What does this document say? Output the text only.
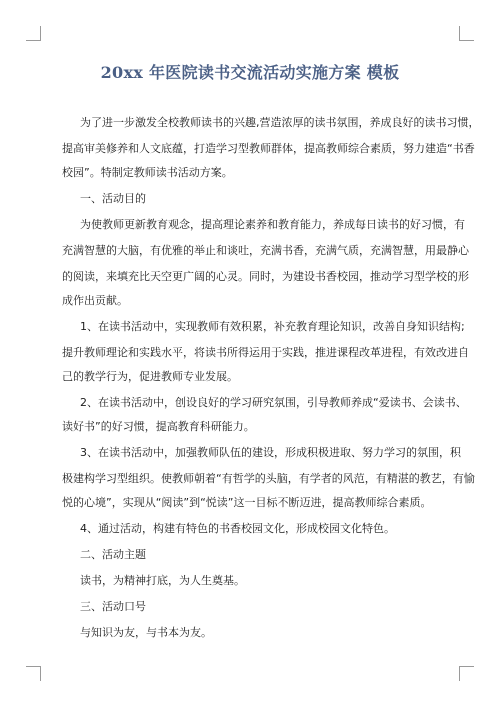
20xx 年医院读书交流活动实施方案 模板
为了进一步激发全校教师读书的兴趣,营造浓厚的读书氛围，养成良好的读书习惯，
提高审美修养和人文底蕴，打造学习型教师群体，提高教师综合素质，努力建造“书香
校园”。特制定教师读书活动方案。
一、活动目的
为使教师更新教育观念，提高理论素养和教育能力，养成每日读书的好习惯，有
充满智慧的大脑，有优雅的举止和谈吐，充满书香，充满气质，充满智慧，用最静心
的阅读，来填充比天空更广阔的心灵。同时，为建设书香校园，推动学习型学校的形
成作出贡献。
1、在读书活动中，实现教师有效积累，补充教育理论知识，改善自身知识结构;
提升教师理论和实践水平，将读书所得运用于实践，推进课程改革进程，有效改进自
己的教学行为，促进教师专业发展。
2、在读书活动中，创设良好的学习研究氛围，引导教师养成“爱读书、会读书、
读好书”的好习惯，提高教育科研能力。
3、在读书活动中，加强教师队伍的建设，形成积极进取、努力学习的氛围，积
极建构学习型组织。使教师朝着“有哲学的头脑，有学者的风范，有精湛的教艺，有愉
悦的心境”，实现从“阅读”到“悦读”这一目标不断迈进，提高教师综合素质。
4、通过活动，构建有特色的书香校园文化，形成校园文化特色。
二、活动主题
读书，为精神打底，为人生奠基。
三、活动口号
与知识为友，与书本为友。
